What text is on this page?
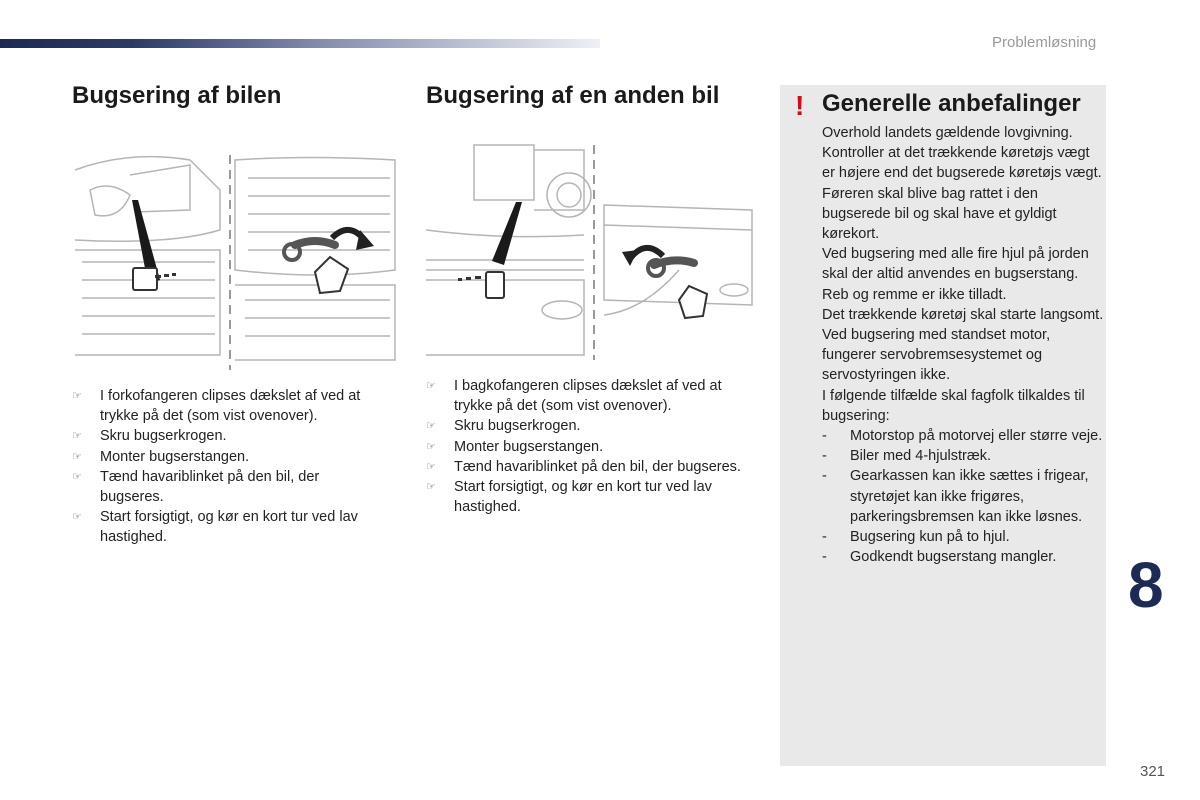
Problemløsning
Bugsering af bilen	Bugsering af en anden bil
☞ I forkofangeren clipses dækslet af ved at trykke på det (som vist ovenover).
☞ Skru bugserkrogen.
☞ Monter bugserstangen.
☞ Tænd havariblinket på den bil, der bugseres.
☞ Start forsigtigt, og kør en kort tur ved lav hastighed.
☞ I bagkofangeren clipses dækslet af ved at trykke på det (som vist ovenover).
☞ Skru bugserkrogen.
☞ Monter bugserstangen.
☞ Tænd havariblinket på den bil, der bugseres.
☞ Start forsigtigt, og kør en kort tur ved lav hastighed.
! Generelle anbefalinger

Overhold landets gældende lovgivning.

Kontroller at det trækkende køretøjs vægt er højere end det bugserede køretøjs vægt.

Føreren skal blive bag rattet i den bugserede bil og skal have et gyldigt kørekort.

Ved bugsering med alle fire hjul på jorden skal der altid anvendes en bugserstang. Reb og remme er ikke tilladt.

Det trækkende køretøj skal starte langsomt.

Ved bugsering med standset motor, fungerer servobremsesystemet og servostyringen ikke.

I følgende tilfælde skal fagfolk tilkaldes til bugsering:

- Motorstop på motorvej eller større veje.
- Biler med 4-hjulstræk.
- Gearkassen kan ikke sættes i frigear, styretøjet kan ikke frigøres, parkeringsbremsen kan ikke løsnes.
- Bugsering kun på to hjul.
- Godkendt bugserstang mangler.	8
321
